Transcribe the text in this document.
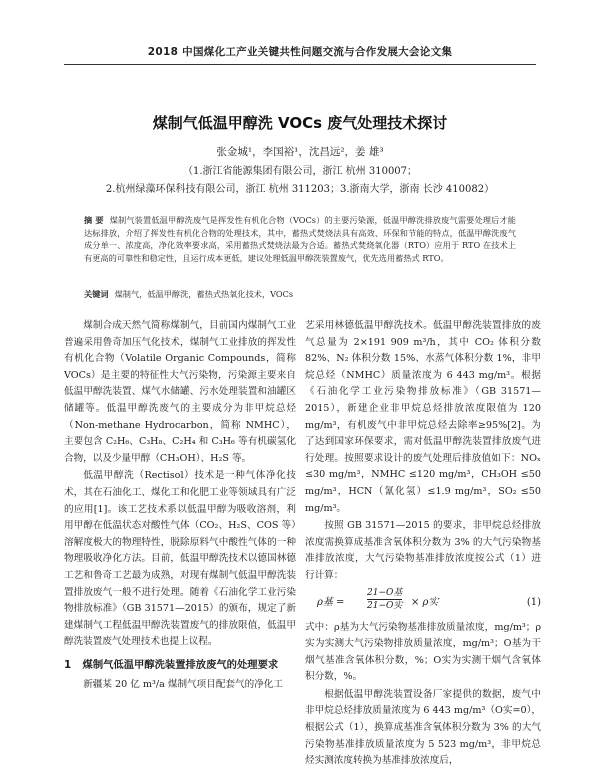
2018 中国煤化工产业关键共性问题交流与合作发展大会论文集
煤制气低温甲醇洗 VOCs 废气处理技术探讨
张金城¹，李国裕¹，沈昌远²，姜 雄³
（1.浙江省能源集团有限公司，浙江 杭州 310007；
2.杭州绿藻环保科技有限公司，浙江 杭州 311203；3.浙南大学，浙南 长沙 410082）
摘 要 煤制气装置低温甲醇洗废气是挥发性有机化合物（VOCs）的主要污染源，低温甲醇洗排放废气需要处理后才能达标排放，介绍了挥发性有机化合物的处理技术，其中，蓄热式焚烧法具有高效、环保和节能的特点，低温甲醇洗废气成分单一、浓度高，净化效率要求高，采用蓄热式焚烧法最为合适。蓄热式焚烧氧化器（RTO）应用于 RTO 在技术上有更高的可靠性和稳定性，且运行成本更低，建议处理低温甲醇洗装置废气，优先选用蓄热式 RTO。
关键词 煤制气，低温甲醇洗，蓄热式热氧化技术，VOCs

煤制合成天然气简称煤制气，目前国内煤制气工业普遍采用鲁奇加压气化技术，煤制气工业排放的挥发性有机化合物（Volatile Organic Compounds，简称 VOCs）是主要的特征性大气污染物，污染源主要来自低温甲醇洗装置、煤气水储罐、污水处理装置和油罐区储罐等。低温甲醇洗废气的主要成分为非甲烷总烃（Non-methane Hydrocarbon，简称 NMHC），主要包含 C₂H₆、C₃H₈、C₂H₄ 和 C₃H₆ 等有机碳氢化合物，以及少量甲醇（CH₃OH）、H₂S 等。

低温甲醇洗（Rectisol）技术是一种气体净化技术，其在石油化工、煤化工和化肥工业等领域具有广泛的应用[1]。该工艺技术系以低温甲醇为吸收溶剂，利用甲醇在低温状态对酸性气体（CO₂、H₂S、COS 等）溶解度极大的物理特性，脱除原料气中酸性气体的一种物理吸收净化方法。目前，低温甲醇洗技术以德国林德工艺和鲁奇工艺最为成熟，对现有煤制气低温甲醇洗装置排放废气一般不进行处理。随着《石油化学工业污染物排放标准》（GB 31571—2015）的颁布，规定了新建煤制气工程低温甲醇洗装置废气的排放限值，低温甲醇洗装置废气处理技术也提上议程。

1 煤制气低温甲醇洗装置排放废气的处理要求

新疆某 20 亿 m³/a 煤制气项目配套气的净化工

艺采用林德低温甲醇洗技术。低温甲醇洗装置排放的废气总量为 2×191 909 m³/h，其中 CO₂ 体积分数 82%、N₂ 体积分数 15%、水蒸气体积分数 1%，非甲烷总烃（NMHC）质量浓度为 6 443 mg/m³。根据《石油化学工业污染物排放标准》（GB 31571—2015），新建企业非甲烷总烃排放浓度限值为 120 mg/m³，有机废气中非甲烷总烃去除率≥95%[2]。为了达到国家环保要求，需对低温甲醇洗装置排放废气进行处理。按照要求设计的废气处理后排放值如下：NOₓ ≤30 mg/m³，NMHC ≤120 mg/m³，CH₃OH ≤50 mg/m³，HCN（氰化氢）≤1.9 mg/m³，SO₂ ≤50 mg/m³。

按照 GB 31571—2015 的要求，非甲烷总烃排放浓度需换算成基准含氧体积分数为 3% 的大气污染物基准排放浓度，大气污染物基准排放浓度按公式（1）进行计算：

ρ基 =
21−O基
21−O实 × ρ实	(1)

式中：ρ基为大气污染物基准排放质量浓度，mg/m³；ρ实为实测大气污染物排放质量浓度，mg/m³；O基为干烟气基准含氧体积分数，%；O实为实测干烟气含氧体积分数，%。

根据低温甲醇洗装置设备厂家提供的数据，废气中非甲烷总烃排放质量浓度为 6 443 mg/m³（O实=0），根据公式（1），换算成基准含氧体积分数为 3% 的大气污染物基准排放质量浓度为 5 523 mg/m³，非甲烷总烃实测浓度转换为基准排放浓度后，
